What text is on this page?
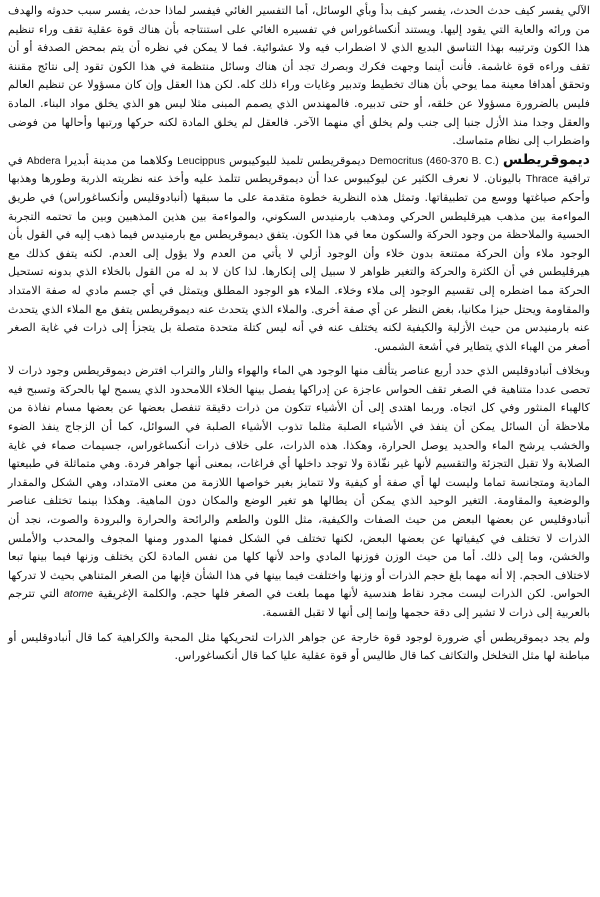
الآلي يفسر كيف حدث الحدث، يفسر كيف بدأ وبأي الوسائل، أما التفسير الغائي فيفسر لماذا حدث، يفسر سبب حدوثه والهدف من ورائه والعاية التي يقود إليها. ويستند أنكساغوراس في تفسيره الغائي على استنتاجه بأن هناك قوة عقلية تقف وراء تنظيم هذا الكون وترتيبه بهذا التناسق البديع الذي لا اضطراب فيه ولا عشوائية. فما لا يمكن في نظره أن يتم بمحض الصدفة أو أن تقف وراءه قوة غاشمة. فأنت أينما وجهت فكرك وبصرك تجد أن هناك وسائل منتظمة في هذا الكون تقود إلى نتائج مقننة وتحقق أهدافا معينة مما يوحي بأن هناك تخطيط وتدبير وغايات وراء ذلك كله. لكن هذا العقل وإن كان مسؤولا عن تنظيم العالم فليس بالضرورة مسؤولا عن خلقه، أو حتى تدبيره. فالمهندس الذي يصمم المبنى مثلا ليس هو الذي يخلق مواد البناء. المادة والعقل وجدا منذ الأزل جنبا إلى جنب ولم يخلق أي منهما الآخر. فالعقل لم يخلق المادة لكنه حركها ورتبها وأحالها من فوضى واضطراب إلى نظام متماسك.

ديموقريطس Democritus (460-370 B. C.) ديموقريطس تلميذ لليوكيبوس Leucippus وكلاهما من مدينة أبديرا Abdera في تراقية Thrace باليونان. لا نعرف الكثير عن ليوكيبوس عدا أن ديموقريطس تتلمذ عليه وأخذ عنه نظريته الذرية وطورها وهذبها وأحكم صياغتها ووسع من تطبيقاتها. وتمثل هذه النظرية خطوة متقدمة على ما سبقها (أنبادوقليس وأنكساغوراس) في طريق المواءمة بين مذهب هيرقليطس الحركي ومذهب بارمنيدس السكوني، والمواءمة بين هذين المذهبين وبين ما تحتمه التجربة الحسية والملاحظة من وجود الحركة والسكون معا في هذا الكون. يتفق ديموقريطس مع بارمنيدس فيما ذهب إليه في القول بأن الوجود ملاء وأن الحركة ممتنعة بدون خلاء وأن الوجود أزلي لا يأتي من العدم ولا يؤول إلى العدم. لكنه يتفق كذلك مع هيرقليطس في أن الكثرة والحركة والتغير ظواهر لا سبيل إلى إنكارها. لذا كان لا بد له من القول بالخلاء الذي بدونه تستحيل الحركة مما اضطره إلى تقسيم الوجود إلى ملاء وخلاء. الملاء هو الوجود المطلق ويتمثل في أي جسم مادي له صفة الامتداد والمقاومة ويحتل حيزا مكانيا، بغض النظر عن أي صفة أخرى. والملاء الذي يتحدث عنه ديموقريطس يتفق مع الملاء الذي يتحدث عنه بارمنيدس من حيث الأزلية والكيفية لكنه يختلف عنه في أنه ليس كتلة متحدة متصلة بل يتجزأ إلى ذرات في غاية الصغر أصغر من الهباء الذي يتطاير في أشعة الشمس.

وبخلاف أنبادوقليس الذي حدد أربع عناصر يتألف منها الوجود هي الماء والهواء والنار والتراب افترض ديموقريطس وجود ذرات لا تحصى عددا متناهية في الصغر تقف الحواس عاجزة عن إدراكها يفصل بينها الخلاء اللامحدود الذي يسمح لها بالحركة وتسبح فيه كالهباء المنثور وفي كل اتجاه. وربما اهتدى إلى أن الأشياء تتكون من ذرات دقيقة تنفصل بعضها عن بعضها مسام نفاذة من ملاحظة أن السائل يمكن أن ينفذ في الأشياء الصلبة مثلما تذوب الأشياء الصلبة في السوائل، كما أن الزجاج ينفذ الضوء والخشب يرشح الماء والحديد يوصل الحرارة، وهكذا. هذه الذرات، على خلاف ذرات أنكساغوراس، جسيمات صماء في غاية الصلابة ولا تقبل التجزئة والتقسيم لأنها غير نفّاذة ولا توجد داخلها أي فراغات، بمعنى أنها جواهر فردة. وهي متماثلة في طبيعتها المادية ومتجانسة تماما وليست لها أي صفة أو كيفية ولا تتمايز بغير خواصها اللازمة من معنى الامتداد، وهي الشكل والمقدار والوضعية والمقاومة. التغير الوحيد الذي يمكن أن يطالها هو تغير الوضع والمكان دون الماهية. وهكذا بينما تختلف عناصر أنبادوقليس عن بعضها البعض من حيث الصفات والكيفية، مثل اللون والطعم والرائحة والحرارة والبرودة والصوت، نجد أن الذرات لا تختلف في كيفياتها عن بعضها البعض، لكنها تختلف في الشكل فمنها المدور ومنها المجوف والمحدب والأملس والخشن، وما إلى ذلك. أما من حيث الوزن فوزنها المادي واحد لأنها كلها من نفس المادة لكن يختلف وزنها فيما بينها تبعا لاختلاف الحجم. إلا أنه مهما بلغ حجم الذرات أو وزنها واختلفت فيما بينها في هذا الشأن فإنها من الصغر المتناهي بحيث لا تدركها الحواس. لكن الذرات ليست مجرد نقاط هندسية لأنها مهما بلغت في الصغر فلها حجم. والكلمة الإغريقية atome التي تترجم بالعربية إلى ذرات لا تشير إلى دقة حجمها وإنما إلى أنها لا تقبل القسمة.

ولم يجد ديموقريطس أي ضرورة لوجود قوة خارجة عن جواهر الذرات لتحريكها مثل المحبة والكراهية كما قال أنبادوقليس أو مباطنة لها مثل التخلخل والتكاثف كما قال طاليس أو قوة عقلية عليا كما قال أنكساغوراس.
